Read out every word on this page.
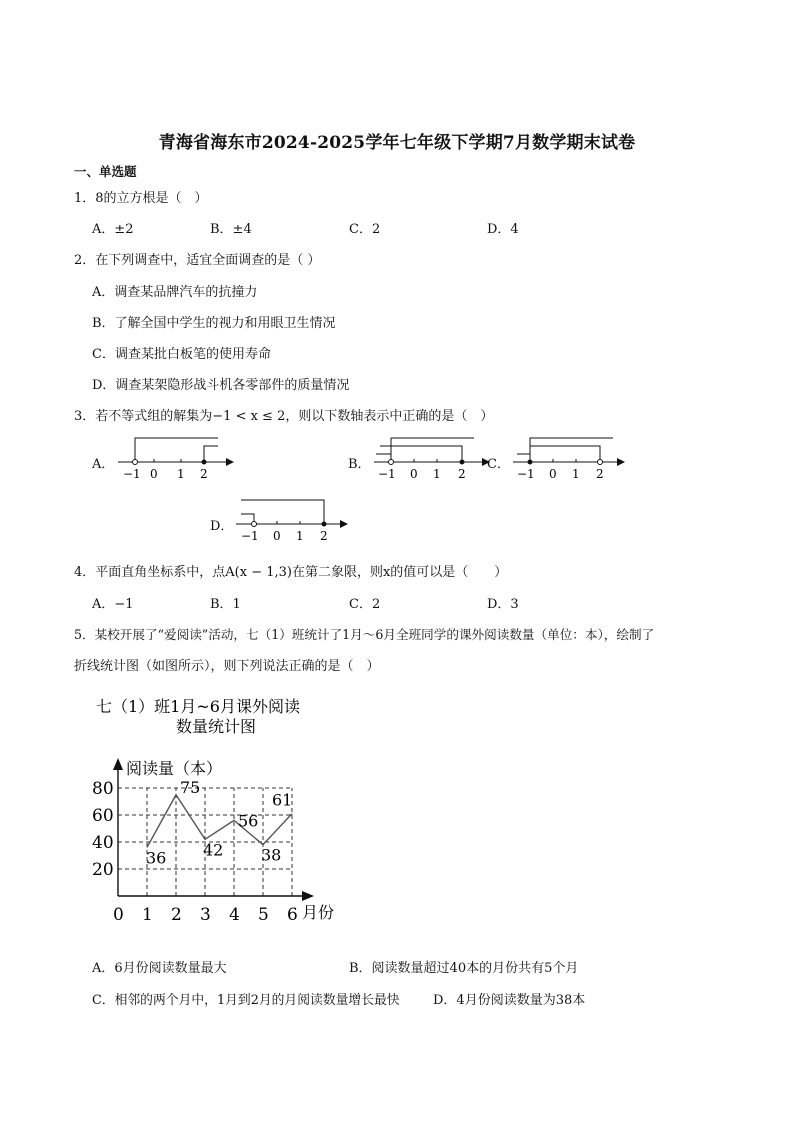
青海省海东市2024-2025学年七年级下学期7月数学期末试卷
一、单选题
1．8的立方根是（　）
A．±2	B．±4	C．2	D．4
2．在下列调查中，适宜全面调查的是（ ）
A．调查某品牌汽车的抗撞力
B．了解全国中学生的视力和用眼卫生情况
C．调查某批白板笔的使用寿命
D．调查某架隐形战斗机各零部件的质量情况
3．若不等式组的解集为−1 < x ≤ 2，则以下数轴表示中正确的是（　）
A．
−1 0 1 2
B．
−1 0 1 2
C．
−1 0 1 2
D．
−1 0 1 2
4．平面直角坐标系中，点A(x − 1,3)在第二象限，则x的值可以是（　　）
A．−1	B．1	C．2	D．3
5．某校开展了“爱阅读”活动，七（1）班统计了1月～6月全班同学的课外阅读数量（单位：本），绘制了
折线统计图（如图所示），则下列说法正确的是（　）
七（1）班1月~6月课外阅读
数量统计图
20
40
60
80
0 1 2 3 4 5 6
36
75
42
56
38
61
阅读量（本）
月份
A．6月份阅读数量最大	B．阅读数量超过40本的月份共有5个月
C．相邻的两个月中，1月到2月的月阅读数量增长最快	D．4月份阅读数量为38本
